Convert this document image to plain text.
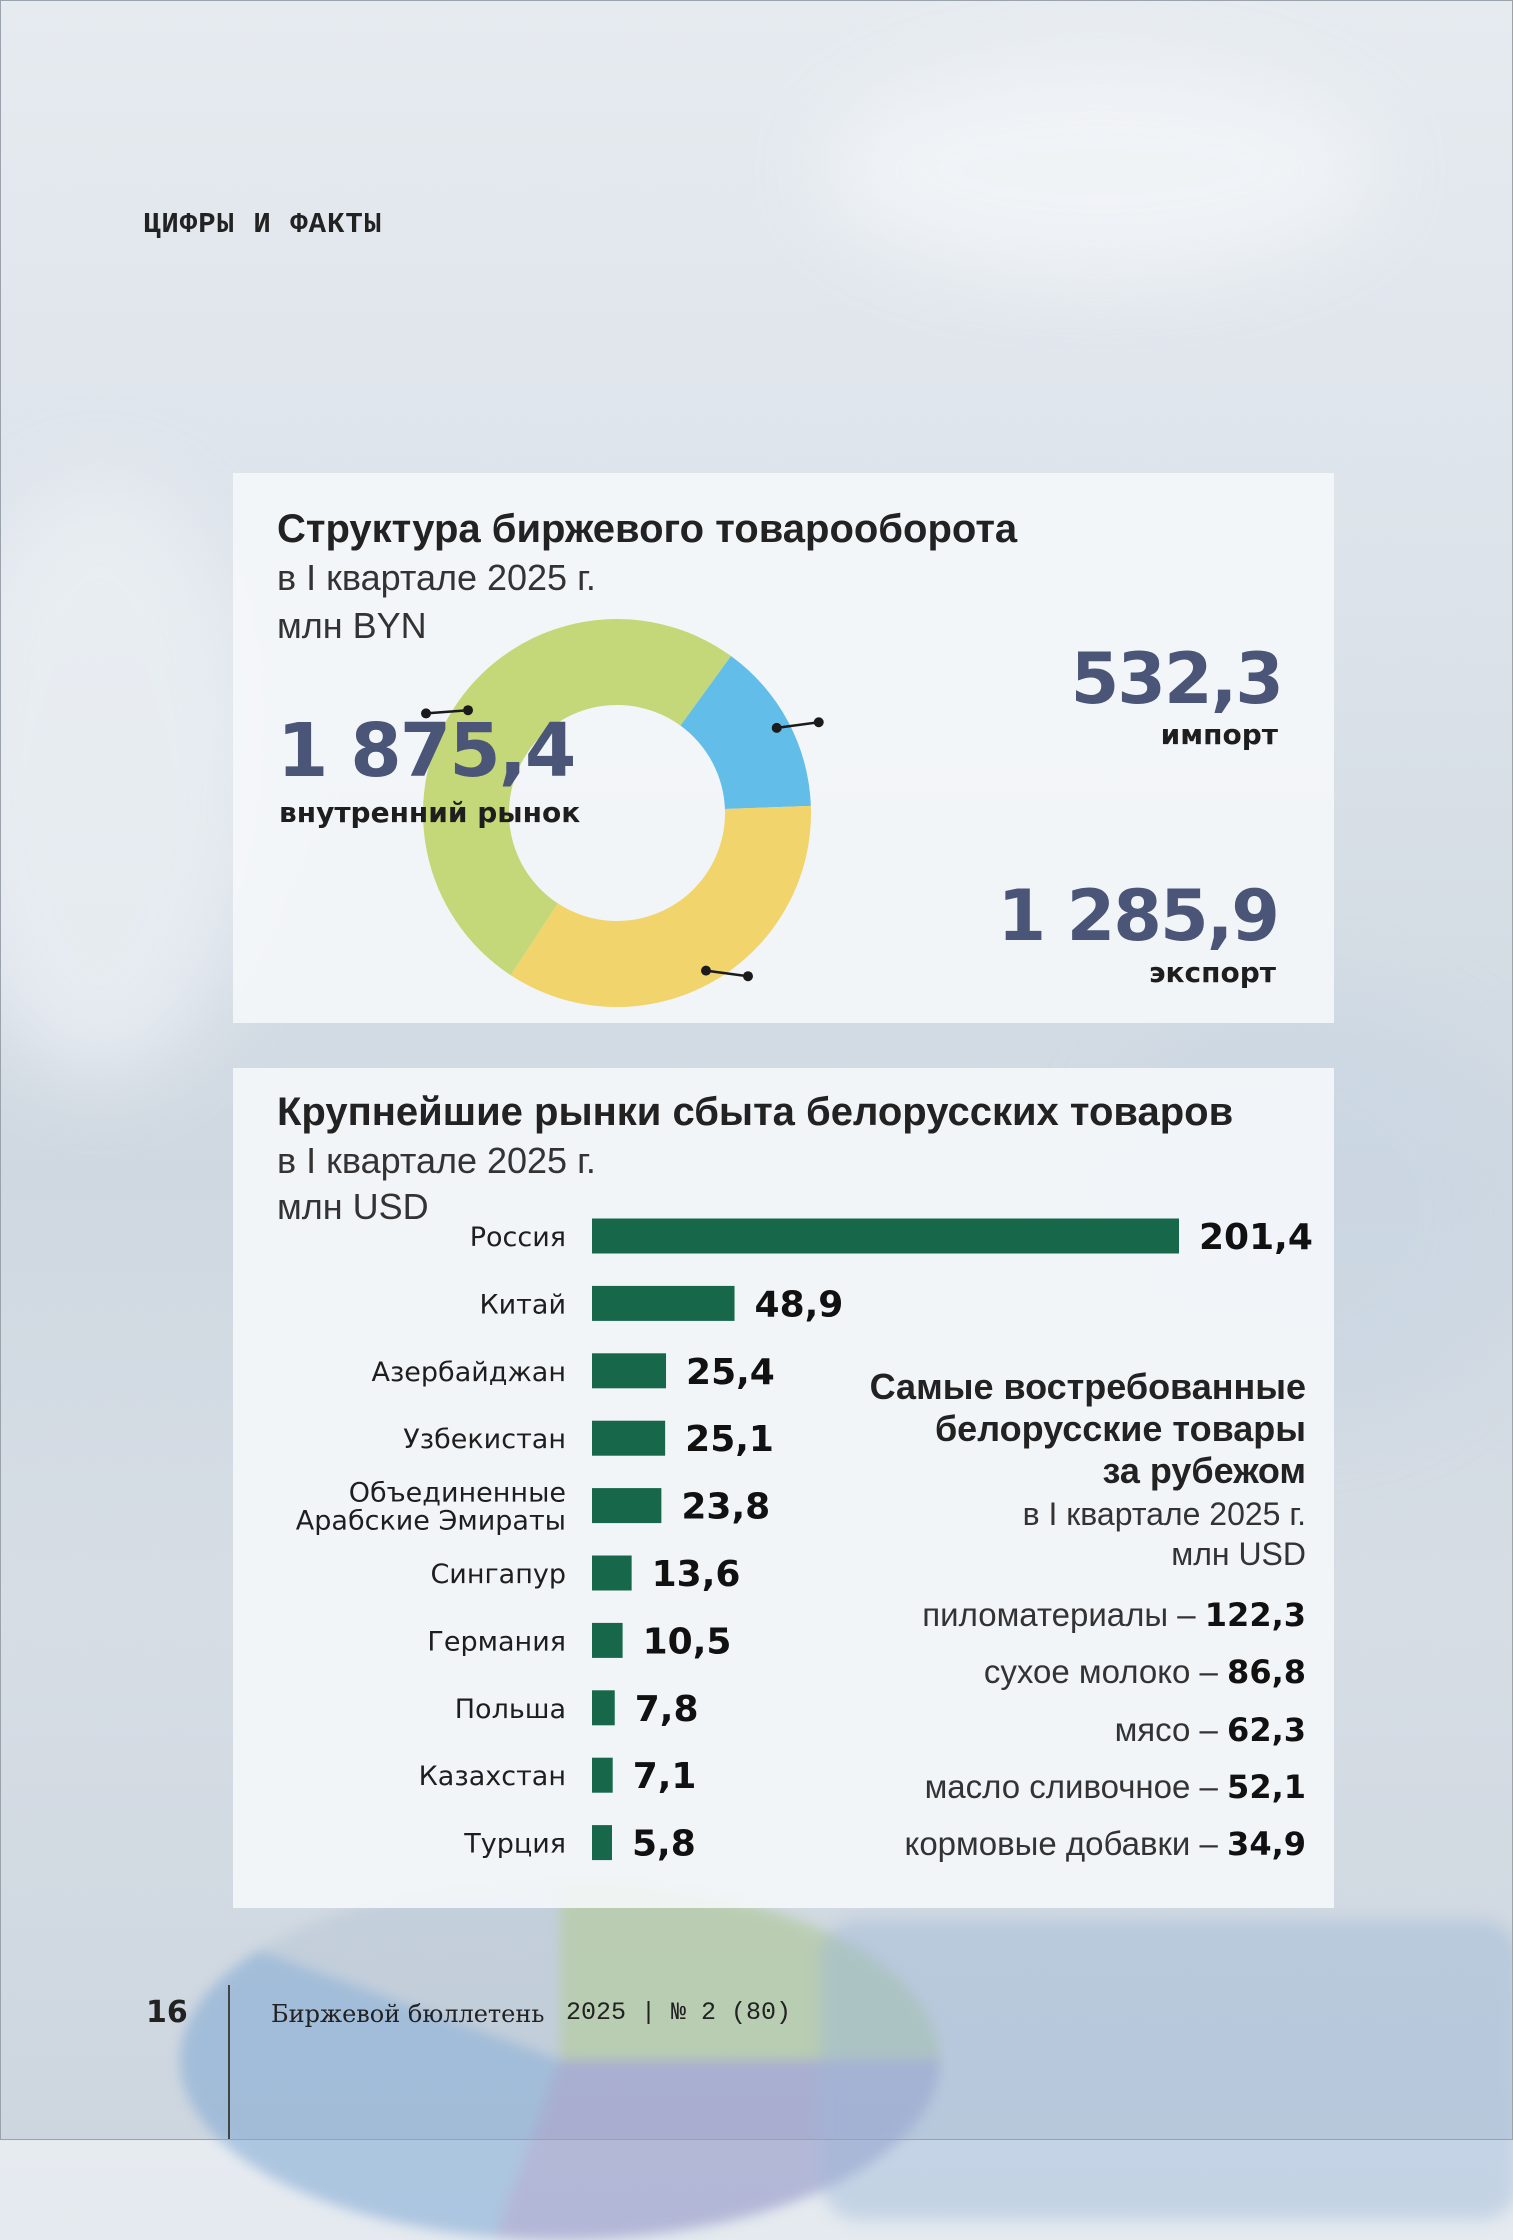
ЦИФРЫ И ФАКТЫ
Структура биржевого товарооборота
в I квартале 2025 г.
млн BYN
1 875,4
внутренний рынок
532,3
импорт
1 285,9
экспорт
Крупнейшие рынки сбыта белорусских товаров
в I квартале 2025 г.
млн USD
Россия	201,4
Китай	48,9
Азербайджан	25,4
Узбекистан	25,1
Объединенные
Арабские Эмираты	23,8
Сингапур 13,6
Германия 10,5
Польша 7,8
Казахстан 7,1
Турция 5,8
Самые востребованные
белорусские товары
за рубежом
в I квартале 2025 г.
млн USD
пиломатериалы – 122,3
сухое молоко – 86,8
мясо – 62,3
масло сливочное – 52,1
кормовые добавки – 34,9
16	Биржевой бюллетень 2025 | № 2 (80)
